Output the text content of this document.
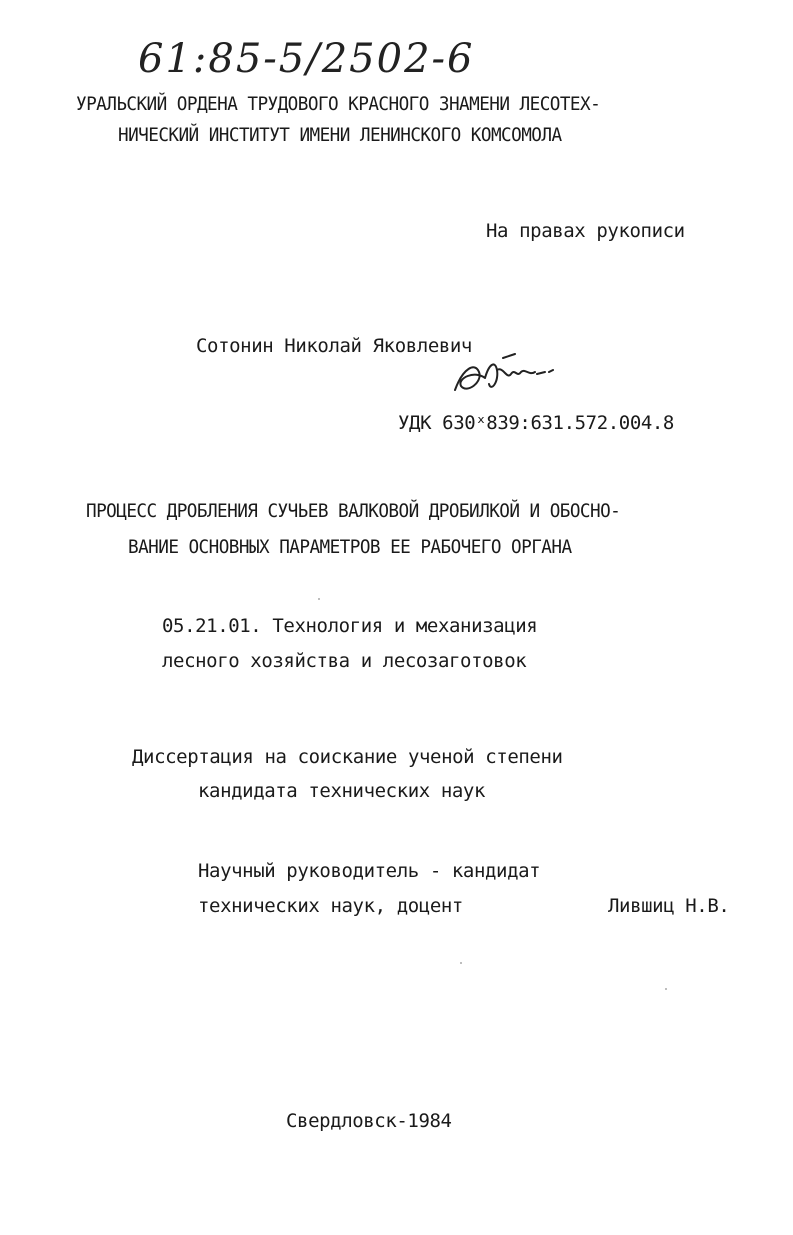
61:85-5/2502-6
УРАЛЬСКИЙ ОРДЕНА ТРУДОВОГО КРАСНОГО ЗНАМЕНИ ЛЕСОТЕХ-
НИЧЕСКИЙ ИНСТИТУТ ИМЕНИ ЛЕНИНСКОГО КОМСОМОЛА
На правах рукописи
Сотонин Николай Яковлевич
УДК 630ˣ839:631.572.004.8
ПРОЦЕСС ДРОБЛЕНИЯ СУЧЬЕВ ВАЛКОВОЙ ДРОБИЛКОЙ И ОБОСНО-
ВАНИЕ ОСНОВНЫХ ПАРАМЕТРОВ ЕЕ РАБОЧЕГО ОРГАНА
05.21.01. Технология и механизация
лесного хозяйства и лесозаготовок
Диссертация на соискание ученой степени
кандидата технических наук
Научный руководитель - кандидат
технических наук, доцент	Лившиц Н.В.
Свердловск-1984
